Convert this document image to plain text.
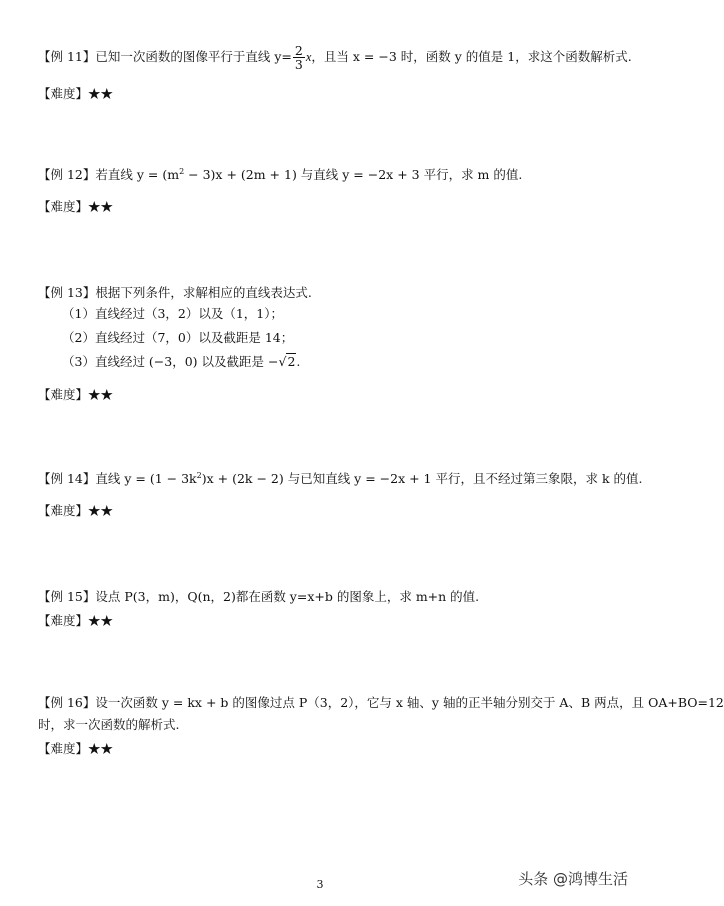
【例 11】已知一次函数的图像平行于直线 $y= \frac{2}{3}$ x，且当 x = −3 时，函数 y 的值是 1，求这个函数解析式.
【难度】★★
【例 12】若直线 $y = (m^2 - 3)x + (2m + 1)$ 与直线 y = −2x + 3 平行，求 m 的值.
【难度】★★
【例 13】根据下列条件，求解相应的直线表达式.
（1）直线经过（3，2）以及（1，1）；
（2）直线经过（7，0）以及截距是 14；
（3）直线经过 (−3，0) 以及截距是 −√2.
【难度】★★
【例 14】直线 $y = (1 - 3k^2)x + (2k - 2)$ 与已知直线 y = −2x + 1 平行，且不经过第三象限，求 k 的值.
【难度】★★
【例 15】设点 P(3，m)，Q(n，2)都在函数 y=x+b 的图象上，求 m+n 的值.
【难度】★★
【例 16】设一次函数 y = kx + b 的图像过点 P（3，2），它与 x 轴、y 轴的正半轴分别交于 A、B 两点，且 OA+BO=12
时，求一次函数的解析式.
【难度】★★
3	头条 @鸿博生活
